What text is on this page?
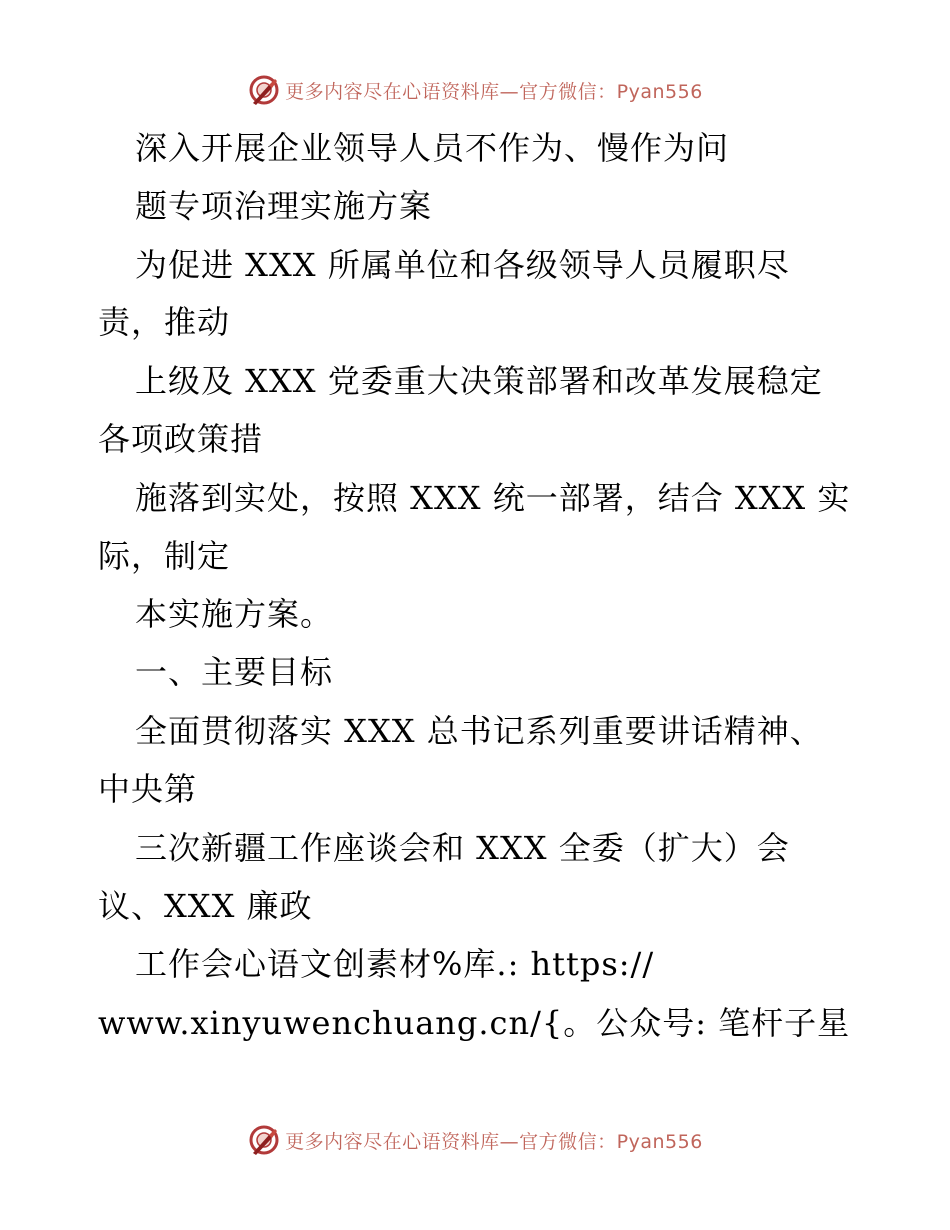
更多内容尽在心语资料库—官方微信：Pyan556
深入开展企业领导人员不作为、慢作为问
题专项治理实施方案
为促进 XXX 所属单位和各级领导人员履职尽
责，推动
上级及 XXX 党委重大决策部署和改革发展稳定
各项政策措
施落到实处，按照 XXX 统一部署，结合 XXX 实
际，制定
本实施方案。
一、主要目标
全面贯彻落实 XXX 总书记系列重要讲话精神、
中央第
三次新疆工作座谈会和 XXX 全委（扩大）会
议、XXX 廉政
工作会心语文创素材%库.: https://
www.xinyuwenchuang.cn/{。公众号: 笔杆子星
更多内容尽在心语资料库—官方微信：Pyan556
